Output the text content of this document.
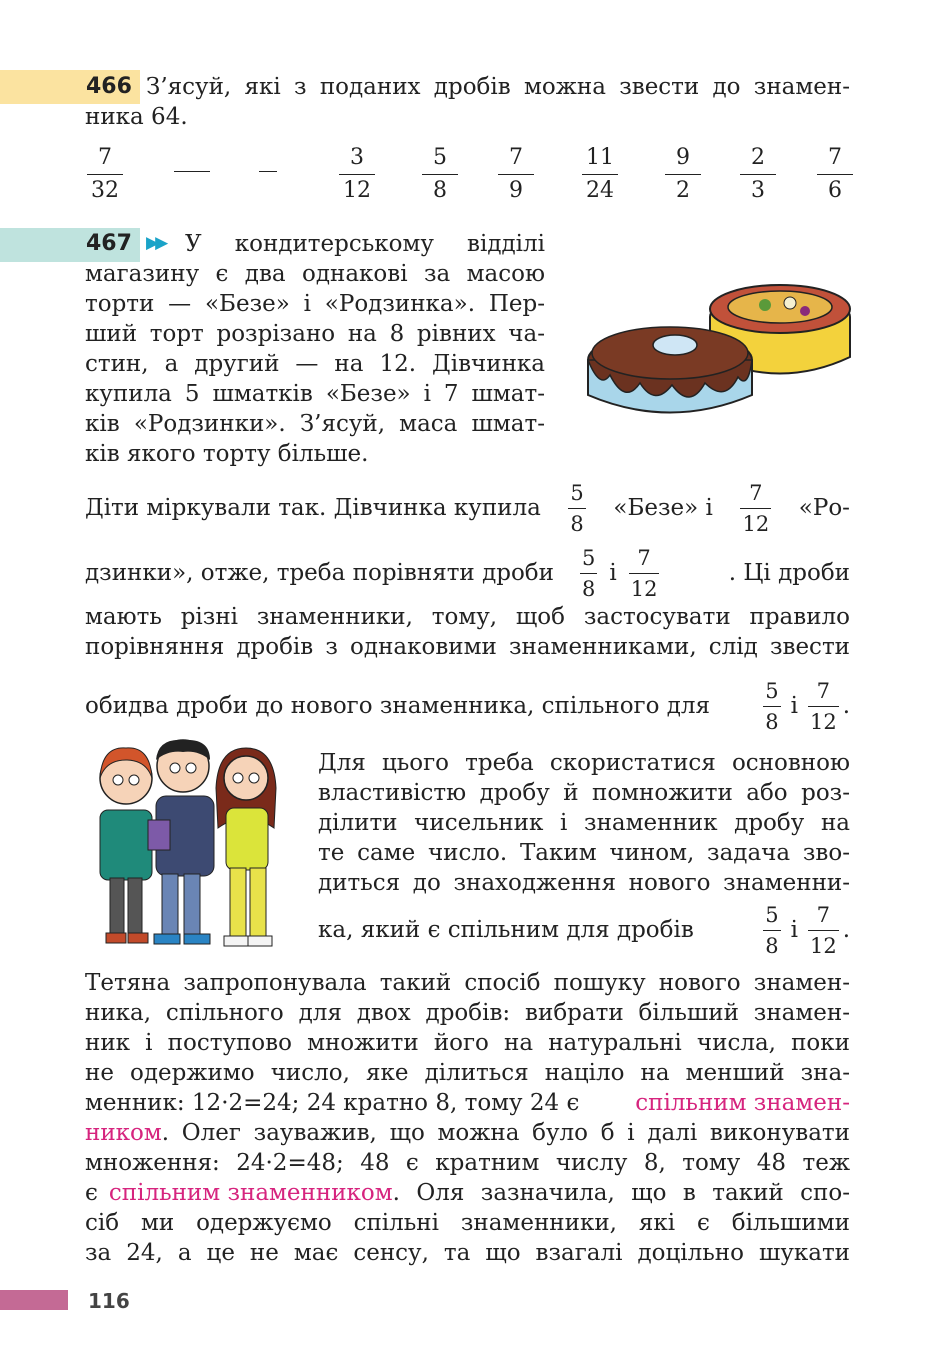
466 З’ясуй, які з поданих дробів можна звести до знамен-
ника 64.
7
32
3
12
5
8
7
9
11
24
9
2
2
3
7
6
467 ▶▶ У кондитерському відділі
магазину є два однакові за масою
торти — «Безе» і «Родзинка». Пер-
ший торт розрізано на 8 рівних ча-
стин, а другий — на 12. Дівчинка
купила 5 шматків «Безе» і 7 шмат-
ків «Родзинки». З’ясуй, маса шмат-
ків якого торту більше.
Діти міркували так. Дівчинка купила
5
8
«Безе» і
7
12
«Ро-
дзинки», отже, треба порівняти дроби
5
8
і
7
12
. Ці дроби
мають різні знаменники, тому, щоб застосувати правило
порівняння дробів з однаковими знаменниками, слід звести
обидва дроби до нового знаменника, спільного для
5
8
і
7
12
.
Для цього треба скористатися основною
властивістю дробу й помножити або роз-
ділити чисельник і знаменник дробу на
те саме число. Таким чином, задача зво-
диться до знаходження нового знаменни-
ка, який є спільним для дробів
5
8
і
7
12
.
Тетяна запропонувала такий спосіб пошуку нового знамен-
ника, спільного для двох дробів: вибрати більший знамен-
ник і поступово множити його на натуральні числа, поки
не одержимо число, яке ділиться націло на менший зна-
менник: 12·2=24; 24 кратно 8, тому 24 є спільним знамен-
ником . Олег зауважив, що можна було б і далі виконувати
множення: 24·2=48; 48 є кратним числу 8, тому 48 теж
є спільним знаменником . Оля зазначила, що в такий спо-
сіб ми одержуємо спільні знаменники, які є більшими
за 24, а це не має сенсу, та що взагалі доцільно шукати
116
